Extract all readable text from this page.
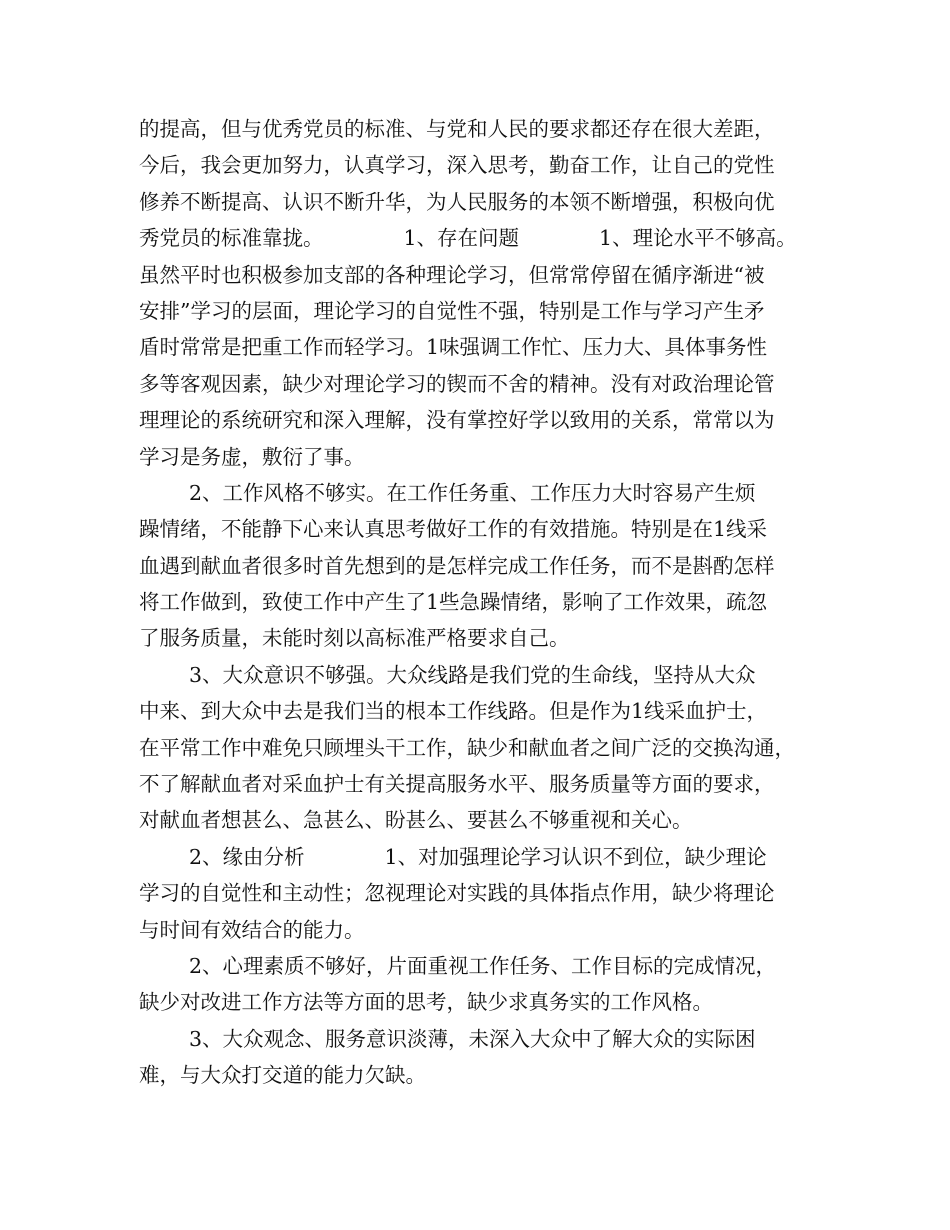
的提高，但与优秀党员的标准、与党和人民的要求都还存在很大差距，
今后，我会更加努力，认真学习，深入思考，勤奋工作，让自己的党性
修养不断提高、认识不断升华，为人民服务的本领不断增强，积极向优
秀党员的标准靠拢。	1、存在问题	1、理论水平不够高。
虽然平时也积极参加支部的各种理论学习，但常常停留在循序渐进“被
安排”学习的层面，理论学习的自觉性不强，特别是工作与学习产生矛
盾时常常是把重工作而轻学习。1味强调工作忙、压力大、具体事务性
多等客观因素，缺少对理论学习的锲而不舍的精神。没有对政治理论管
理理论的系统研究和深入理解，没有掌控好学以致用的关系，常常以为
学习是务虚，敷衍了事。
2、工作风格不够实。在工作任务重、工作压力大时容易产生烦
躁情绪，不能静下心来认真思考做好工作的有效措施。特别是在1线采
血遇到献血者很多时首先想到的是怎样完成工作任务，而不是斟酌怎样
将工作做到，致使工作中产生了1些急躁情绪，影响了工作效果，疏忽
了服务质量，未能时刻以高标准严格要求自己。
3、大众意识不够强。大众线路是我们党的生命线，坚持从大众
中来、到大众中去是我们当的根本工作线路。但是作为1线采血护士，
在平常工作中难免只顾埋头干工作，缺少和献血者之间广泛的交换沟通，
不了解献血者对采血护士有关提高服务水平、服务质量等方面的要求，
对献血者想甚么、急甚么、盼甚么、要甚么不够重视和关心。
2、缘由分析	1、对加强理论学习认识不到位，缺少理论
学习的自觉性和主动性；忽视理论对实践的具体指点作用，缺少将理论
与时间有效结合的能力。
2、心理素质不够好，片面重视工作任务、工作目标的完成情况，
缺少对改进工作方法等方面的思考，缺少求真务实的工作风格。
3、大众观念、服务意识淡薄，未深入大众中了解大众的实际困
难，与大众打交道的能力欠缺。
